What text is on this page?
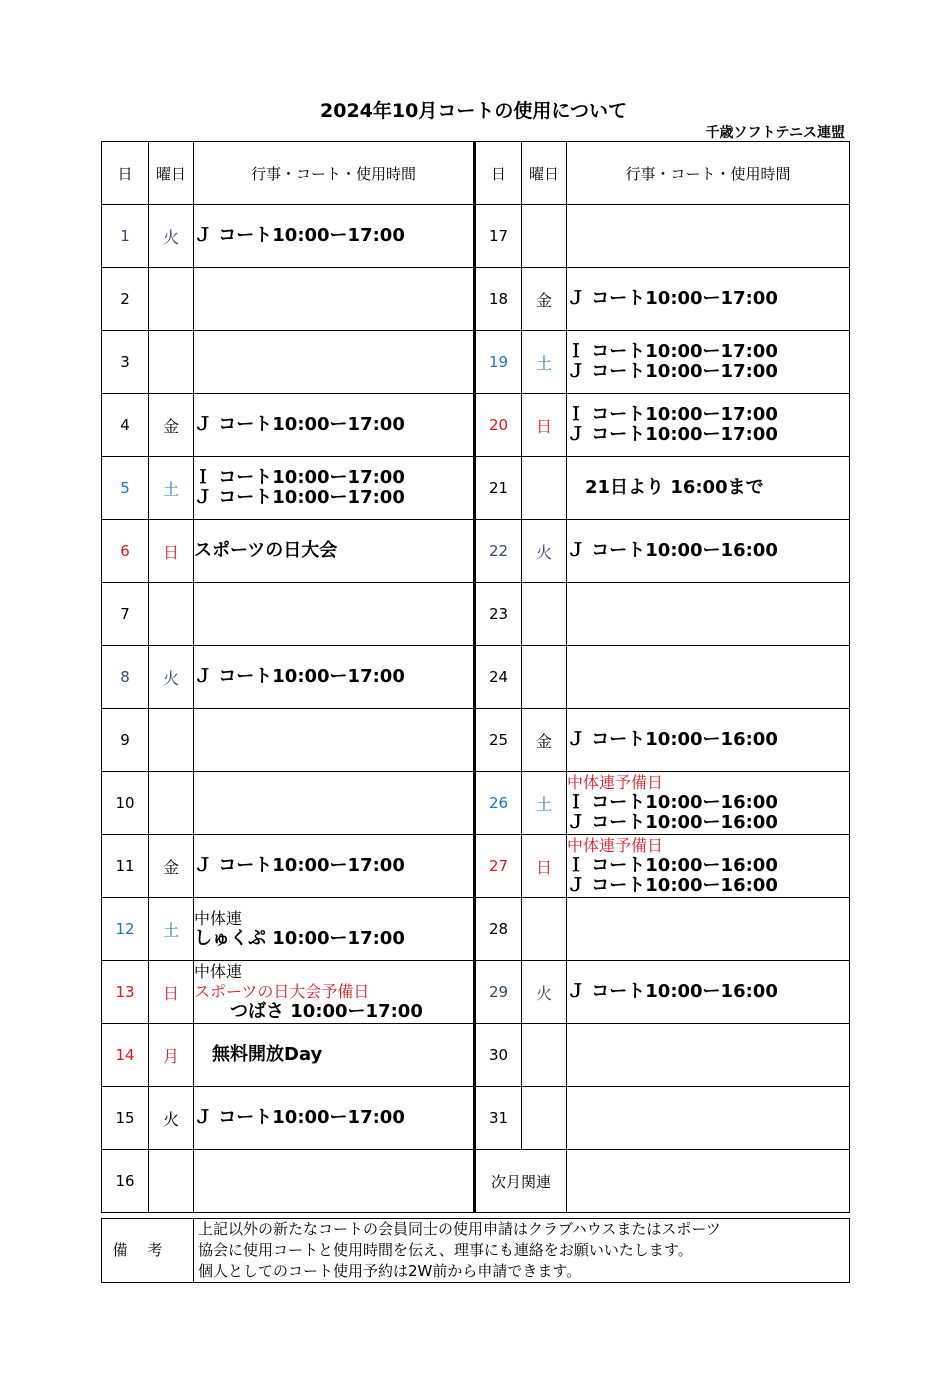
2024年10月コートの使用について
千歳ソフトテニス連盟
日	曜日	行事・コート・使用時間	日	曜日	行事・コート・使用時間
1	火	Ｊ コート10:00ー17:00	17		
2			18	金	Ｊ コート10:00ー17:00

3			19	土	Ｉ コート10:00ー17:00
Ｊ コート10:00ー17:00

4	金	Ｊ コート10:00ー17:00	20	日	Ｉ コート10:00ー17:00
Ｊ コート10:00ー17:00

5	土	Ｉ コート10:00ー17:00
Ｊ コート10:00ー17:00	21		　21日より 16:00まで

6	日	スポーツの日大会	22	火	Ｊ コート10:00ー16:00

7			23		
8	火	Ｊ コート10:00ー17:00	24		
9			25	金	Ｊ コート10:00ー16:00

10			26	土	中体連予備日
Ｉ コート10:00ー16:00
Ｊ コート10:00ー16:00

11	金	Ｊ コート10:00ー17:00	27	日	中体連予備日
Ｉ コート10:00ー16:00
Ｊ コート10:00ー16:00

12	土	中体連
しゅくぷ 10:00ー17:00	28		
13	日	中体連
スポーツの日大会予備日
　　つばさ 10:00ー17:00	29	火	Ｊ コート10:00ー16:00

14	月	　無料開放Day	30		
15	火	Ｊ コート10:00ー17:00	31		
16			次月関連		
備考	
上記以外の新たなコートの会員同士の使用申請はクラブハウスまたはスポーツ
協会に使用コートと使用時間を伝え、理事にも連絡をお願いいたします。
個人としてのコート使用予約は2W前から申請できます。
